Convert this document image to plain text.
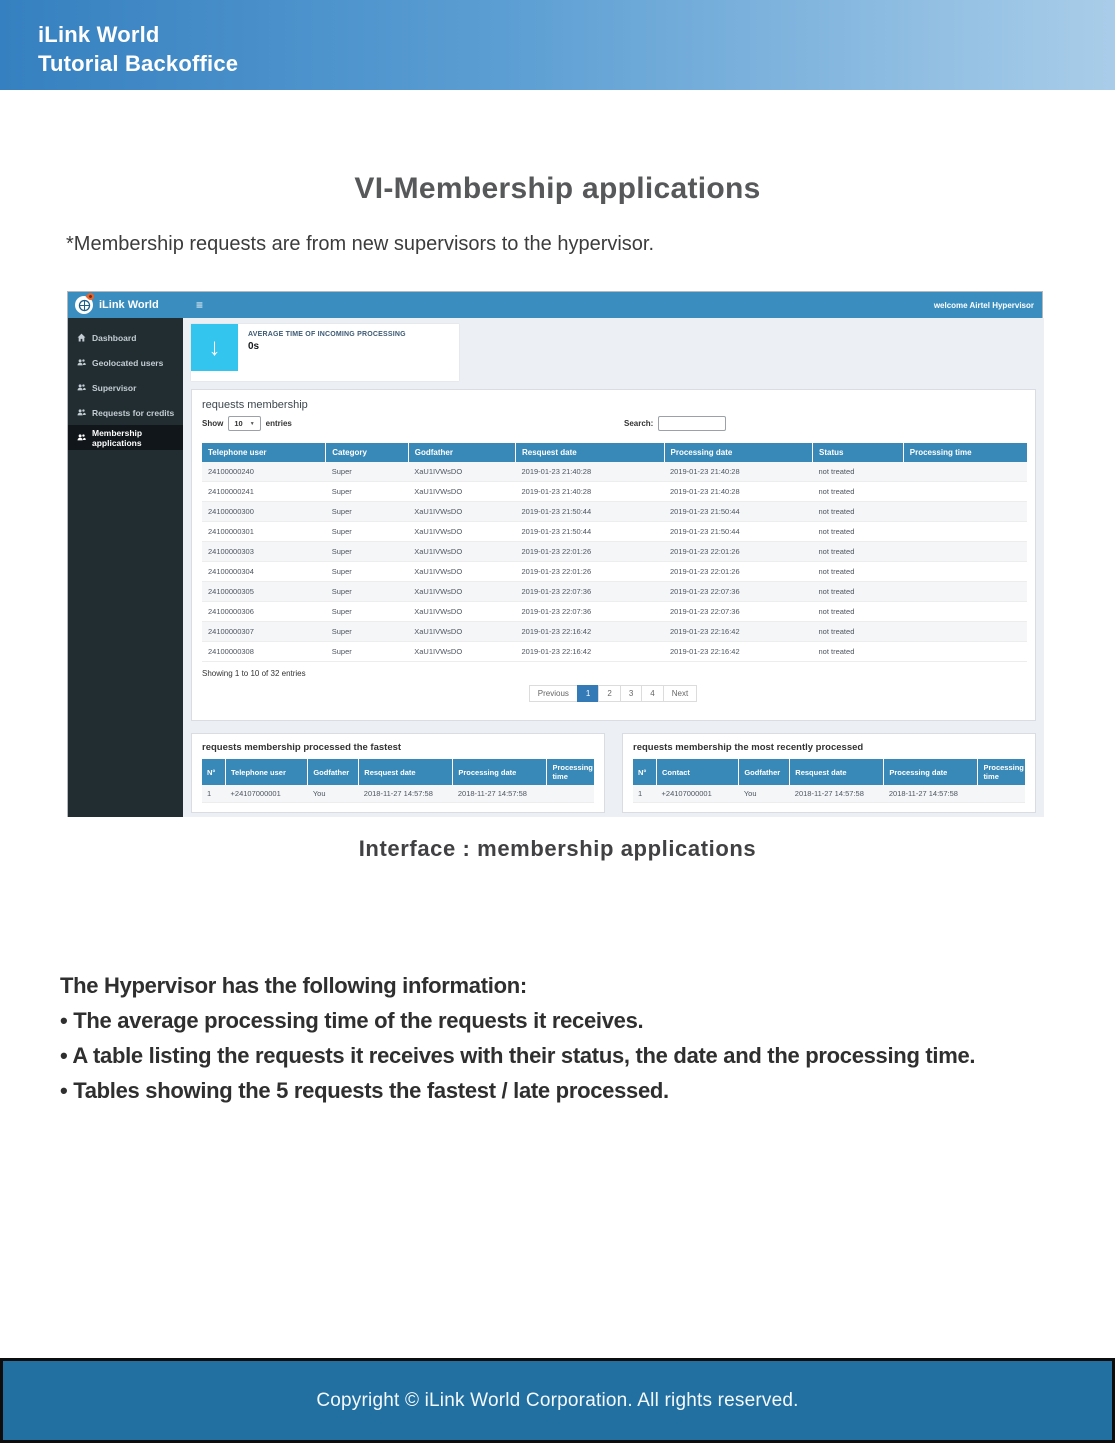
iLink World
Tutorial Backoffice
VI-Membership applications

*Membership requests are from new supervisors to the hypervisor.

iLink World	≡	welcome Airtel Hypervisor
Dashboard
Geolocated users
Supervisor
Requests for credits
Membership applications
↓	AVERAGE TIME OF INCOMING PROCESSING
0s
requests membership
Show 10 ▼ entries	Search:
Telephone user	Category	Godfather	Resquest date	Processing date	Status	Processing time
24100000240	Super	XaU1IVWsDO	2019-01-23 21:40:28	2019-01-23 21:40:28	not treated	
24100000241	Super	XaU1IVWsDO	2019-01-23 21:40:28	2019-01-23 21:40:28	not treated	
24100000300	Super	XaU1IVWsDO	2019-01-23 21:50:44	2019-01-23 21:50:44	not treated	
24100000301	Super	XaU1IVWsDO	2019-01-23 21:50:44	2019-01-23 21:50:44	not treated	
24100000303	Super	XaU1IVWsDO	2019-01-23 22:01:26	2019-01-23 22:01:26	not treated	
24100000304	Super	XaU1IVWsDO	2019-01-23 22:01:26	2019-01-23 22:01:26	not treated	
24100000305	Super	XaU1IVWsDO	2019-01-23 22:07:36	2019-01-23 22:07:36	not treated	
24100000306	Super	XaU1IVWsDO	2019-01-23 22:07:36	2019-01-23 22:07:36	not treated	
24100000307	Super	XaU1IVWsDO	2019-01-23 22:16:42	2019-01-23 22:16:42	not treated	
24100000308	Super	XaU1IVWsDO	2019-01-23 22:16:42	2019-01-23 22:16:42	not treated	
Showing 1 to 10 of 32 entries
Previous	1	2	3	4	Next
requests membership processed the fastest
N°	Telephone user	Godfather	Resquest date	Processing date	Processing time
1	+24107000001	You	2018-11-27 14:57:58	2018-11-27 14:57:58	
requests membership the most recently processed
N°	Contact	Godfather	Resquest date	Processing date	Processing time
1	+24107000001	You	2018-11-27 14:57:58	2018-11-27 14:57:58	

Interface : membership applications

The Hypervisor has the following information:

• The average processing time of the requests it receives.

• A table listing the requests it receives with their status, the date and the processing time.

• Tables showing the 5 requests the fastest / late processed.

Copyright © iLink World Corporation. All rights reserved.
